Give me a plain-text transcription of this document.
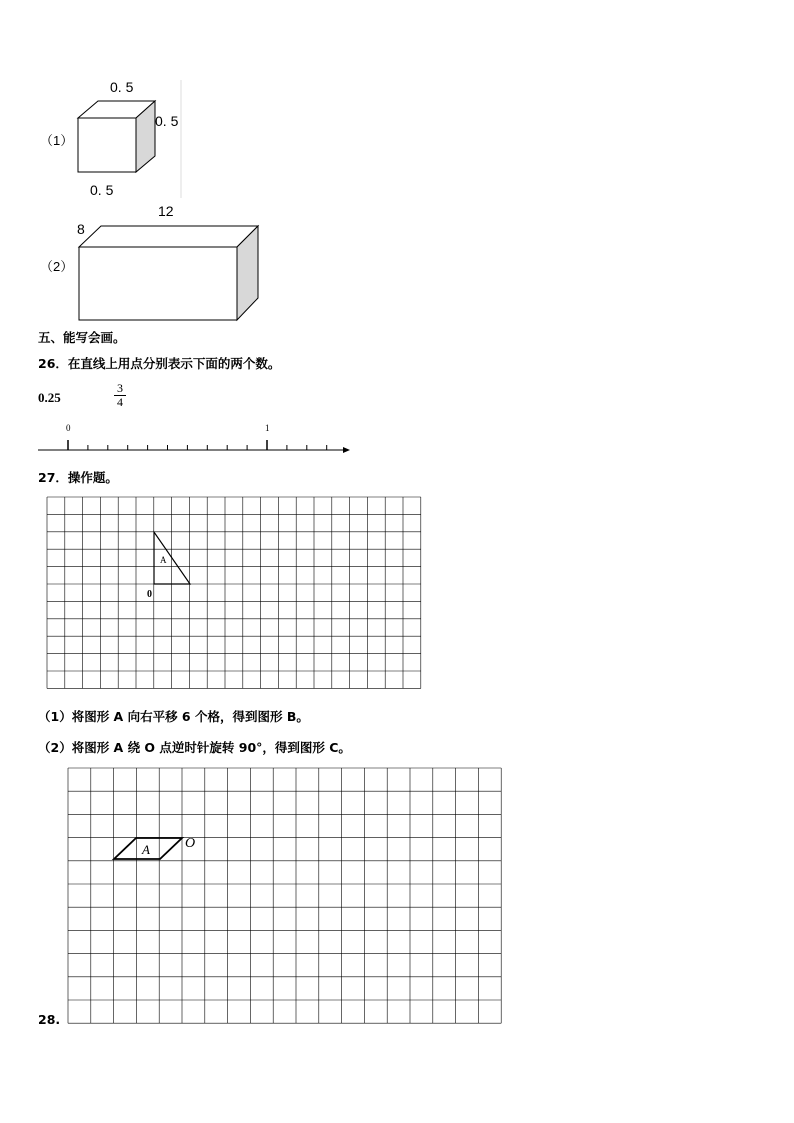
（1）
0. 5
0. 5
0. 5
（2）
8
12
五、能写会画。
26．在直线上用点分别表示下面的两个数。
0.25
3
4
0	1
27．操作题。
A
0
（1）将图形 A 向右平移 6 个格，得到图形 B。
（2）将图形 A 绕 O 点逆时针旋转 90°，得到图形 C。
A	O
28.
